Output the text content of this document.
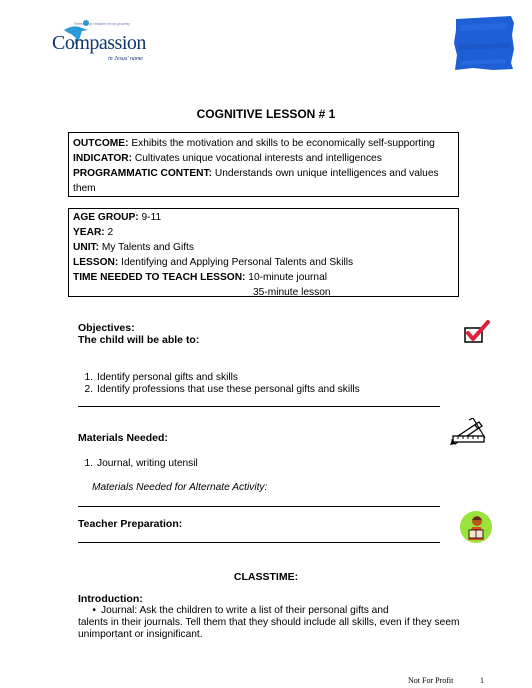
Releasing children from poverty
Compassion
in Jesus' name
COGNITIVE LESSON # 1
OUTCOME: Exhibits the motivation and skills to be economically self-supporting
INDICATOR: Cultivates unique vocational interests and intelligences
PROGRAMMATIC CONTENT: Understands own unique intelligences and values them
AGE GROUP: 9-11
YEAR: 2
UNIT: My Talents and Gifts
LESSON: Identifying and Applying Personal Talents and Skills
TIME NEEDED TO TEACH LESSON: 10-minute journal
35-minute lesson
Objectives:
The child will be able to:
1. Identify personal gifts and skills
2. Identify professions that use these personal gifts and skills
Materials Needed:
1. Journal, writing utensil
Materials Needed for Alternate Activity:
Teacher Preparation:
CLASSTIME:
Introduction:
• Journal: Ask the children to write a list of their personal gifts and
talents in their journals. Tell them that they should include all skills, even if they seem
unimportant or insignificant.
Not For Profit	1
